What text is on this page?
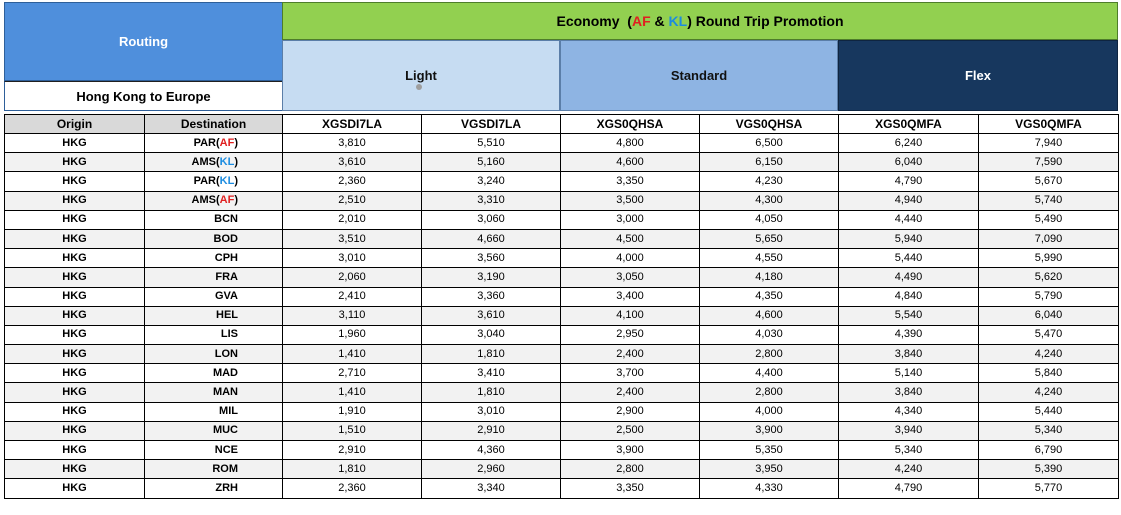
Routing
Hong Kong to Europe
Economy  ( AF & KL ) Round Trip Promotion
Light	Standard	Flex
Origin	Destination	XGSDI7LA	VGSDI7LA	XGS0QHSA	VGS0QHSA	XGS0QMFA	VGS0QMFA
HKG	PAR(AF)	3,810	5,510	4,800	6,500	6,240	7,940
HKG	AMS(KL)	3,610	5,160	4,600	6,150	6,040	7,590
HKG	PAR(KL)	2,360	3,240	3,350	4,230	4,790	5,670
HKG	AMS(AF)	2,510	3,310	3,500	4,300	4,940	5,740
HKG	BCN	2,010	3,060	3,000	4,050	4,440	5,490
HKG	BOD	3,510	4,660	4,500	5,650	5,940	7,090
HKG	CPH	3,010	3,560	4,000	4,550	5,440	5,990
HKG	FRA	2,060	3,190	3,050	4,180	4,490	5,620
HKG	GVA	2,410	3,360	3,400	4,350	4,840	5,790
HKG	HEL	3,110	3,610	4,100	4,600	5,540	6,040
HKG	LIS	1,960	3,040	2,950	4,030	4,390	5,470
HKG	LON	1,410	1,810	2,400	2,800	3,840	4,240
HKG	MAD	2,710	3,410	3,700	4,400	5,140	5,840
HKG	MAN	1,410	1,810	2,400	2,800	3,840	4,240
HKG	MIL	1,910	3,010	2,900	4,000	4,340	5,440
HKG	MUC	1,510	2,910	2,500	3,900	3,940	5,340
HKG	NCE	2,910	4,360	3,900	5,350	5,340	6,790
HKG	ROM	1,810	2,960	2,800	3,950	4,240	5,390
HKG	ZRH	2,360	3,340	3,350	4,330	4,790	5,770
